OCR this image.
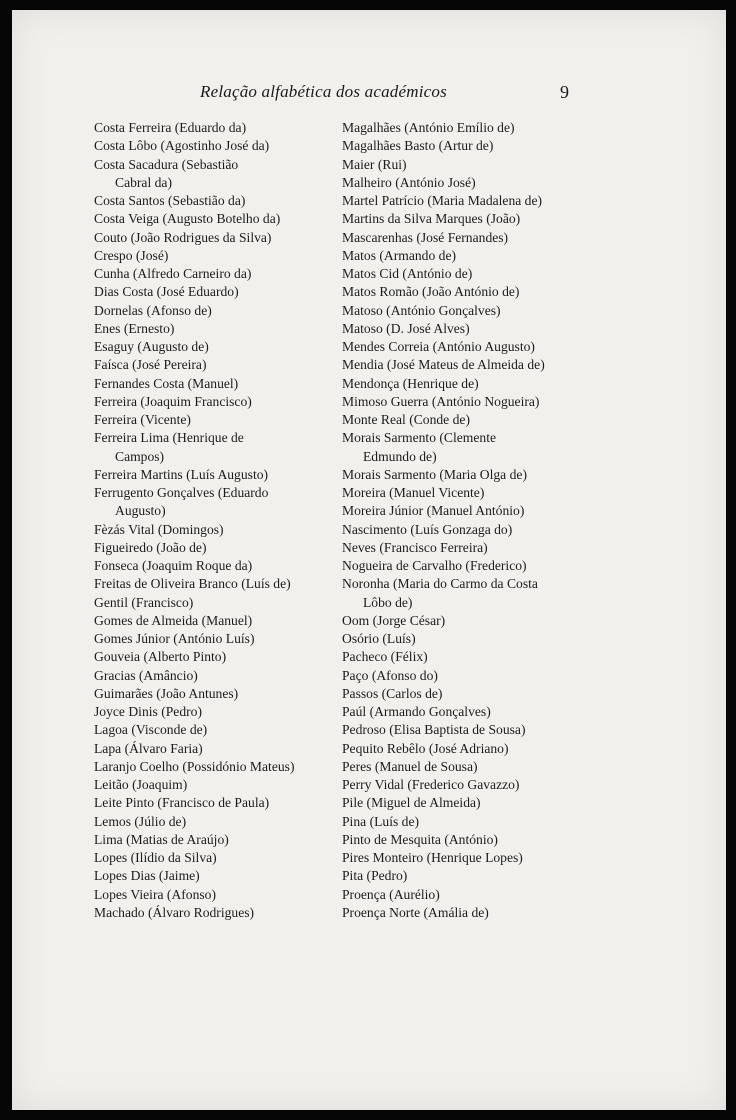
Relação alfabética dos académicos	9
Costa Ferreira (Eduardo da)
Costa Lôbo (Agostinho José da)
Costa Sacadura (Sebastião
Cabral da)
Costa Santos (Sebastião da)
Costa Veiga (Augusto Botelho da)
Couto (João Rodrigues da Silva)
Crespo (José)
Cunha (Alfredo Carneiro da)
Dias Costa (José Eduardo)
Dornelas (Afonso de)
Enes (Ernesto)
Esaguy (Augusto de)
Faísca (José Pereira)
Fernandes Costa (Manuel)
Ferreira (Joaquim Francisco)
Ferreira (Vicente)
Ferreira Lima (Henrique de
Campos)
Ferreira Martins (Luís Augusto)
Ferrugento Gonçalves (Eduardo
Augusto)
Fèzás Vital (Domingos)
Figueiredo (João de)
Fonseca (Joaquim Roque da)
Freitas de Oliveira Branco (Luís de)
Gentil (Francisco)
Gomes de Almeida (Manuel)
Gomes Júnior (António Luís)
Gouveia (Alberto Pinto)
Gracias (Amâncio)
Guimarães (João Antunes)
Joyce Dinis (Pedro)
Lagoa (Visconde de)
Lapa (Álvaro Faria)
Laranjo Coelho (Possidónio Mateus)
Leitão (Joaquim)
Leite Pinto (Francisco de Paula)
Lemos (Júlio de)
Lima (Matias de Araújo)
Lopes (Ilídio da Silva)
Lopes Dias (Jaime)
Lopes Vieira (Afonso)
Machado (Álvaro Rodrigues)
Magalhães (António Emílio de)
Magalhães Basto (Artur de)
Maier (Rui)
Malheiro (António José)
Martel Patrício (Maria Madalena de)
Martins da Silva Marques (João)
Mascarenhas (José Fernandes)
Matos (Armando de)
Matos Cid (António de)
Matos Romão (João António de)
Matoso (António Gonçalves)
Matoso (D. José Alves)
Mendes Correia (António Augusto)
Mendia (José Mateus de Almeida de)
Mendonça (Henrique de)
Mimoso Guerra (António Nogueira)
Monte Real (Conde de)
Morais Sarmento (Clemente
Edmundo de)
Morais Sarmento (Maria Olga de)
Moreira (Manuel Vicente)
Moreira Júnior (Manuel António)
Nascimento (Luís Gonzaga do)
Neves (Francisco Ferreira)
Nogueira de Carvalho (Frederico)
Noronha (Maria do Carmo da Costa
Lôbo de)
Oom (Jorge César)
Osório (Luís)
Pacheco (Félix)
Paço (Afonso do)
Passos (Carlos de)
Paúl (Armando Gonçalves)
Pedroso (Elisa Baptista de Sousa)
Pequito Rebêlo (José Adriano)
Peres (Manuel de Sousa)
Perry Vidal (Frederico Gavazzo)
Pile (Miguel de Almeida)
Pina (Luís de)
Pinto de Mesquita (António)
Pires Monteiro (Henrique Lopes)
Pita (Pedro)
Proença (Aurélio)
Proença Norte (Amália de)
